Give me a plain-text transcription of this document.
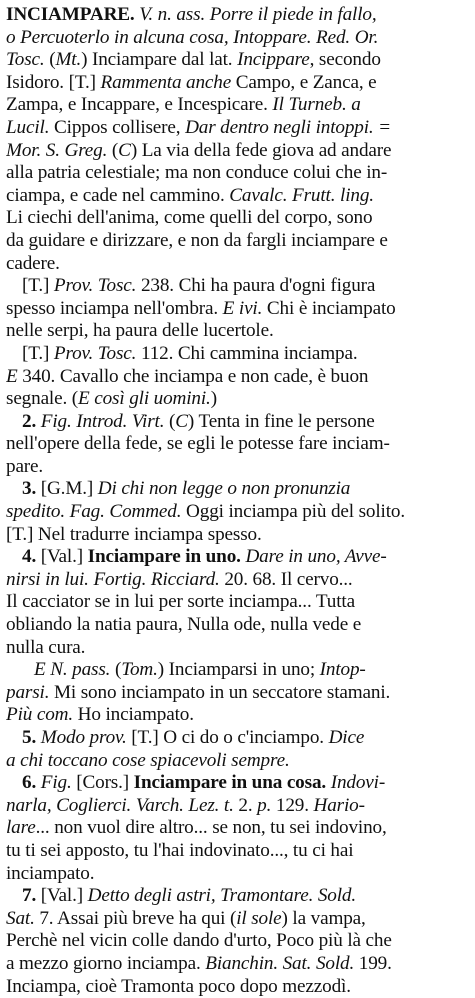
INCIAMPARE. V. n. ass. Porre il piede in fallo,
o Percuoterlo in alcuna cosa, Intoppare. Red. Or.
Tosc. (Mt.) Inciampare dal lat. Incippare, secondo
Isidoro. [T.] Rammenta anche Campo, e Zanca, e
Zampa, e Incappare, e Incespicare. Il Turneb. a
Lucil. Cippos collisere, Dar dentro negli intoppi. =
Mor. S. Greg. (C) La via della fede giova ad andare
alla patria celestiale; ma non conduce colui che in-
ciampa, e cade nel cammino. Cavalc. Frutt. ling.
Li ciechi dell'anima, come quelli del corpo, sono
da guidare e dirizzare, e non da fargli inciampare e
cadere.
[T.] Prov. Tosc. 238. Chi ha paura d'ogni figura
spesso inciampa nell'ombra. E ivi. Chi è inciampato
nelle serpi, ha paura delle lucertole.
[T.] Prov. Tosc. 112. Chi cammina inciampa.
E 340. Cavallo che inciampa e non cade, è buon
segnale. (E così gli uomini.)
2. Fig. Introd. Virt. (C) Tenta in fine le persone
nell'opere della fede, se egli le potesse fare inciam-
pare.
3. [G.M.] Di chi non legge o non pronunzia
spedito. Fag. Commed. Oggi inciampa più del solito.
[T.] Nel tradurre inciampa spesso.
4. [Val.] Inciampare in uno. Dare in uno, Avve-
nirsi in lui. Fortig. Ricciard. 20. 68. Il cervo...
Il cacciator se in lui per sorte inciampa... Tutta
obliando la natia paura, Nulla ode, nulla vede e
nulla cura.
E N. pass. (Tom.) Inciamparsi in uno; Intop-
parsi. Mi sono inciampato in un seccatore stamani.
Più com. Ho inciampato.
5. Modo prov. [T.] O ci do o c'inciampo. Dice
a chi toccano cose spiacevoli sempre.
6. Fig. [Cors.] Inciampare in una cosa. Indovi-
narla, Coglierci. Varch. Lez. t. 2. p. 129. Hario-
lare... non vuol dire altro... se non, tu sei indovino,
tu ti sei apposto, tu l'hai indovinato..., tu ci hai
inciampato.
7. [Val.] Detto degli astri, Tramontare. Sold.
Sat. 7. Assai più breve ha qui (il sole) la vampa,
Perchè nel vicin colle dando d'urto, Poco più là che
a mezzo giorno inciampa. Bianchin. Sat. Sold. 199.
Inciampa, cioè Tramonta poco dopo mezzodì.
